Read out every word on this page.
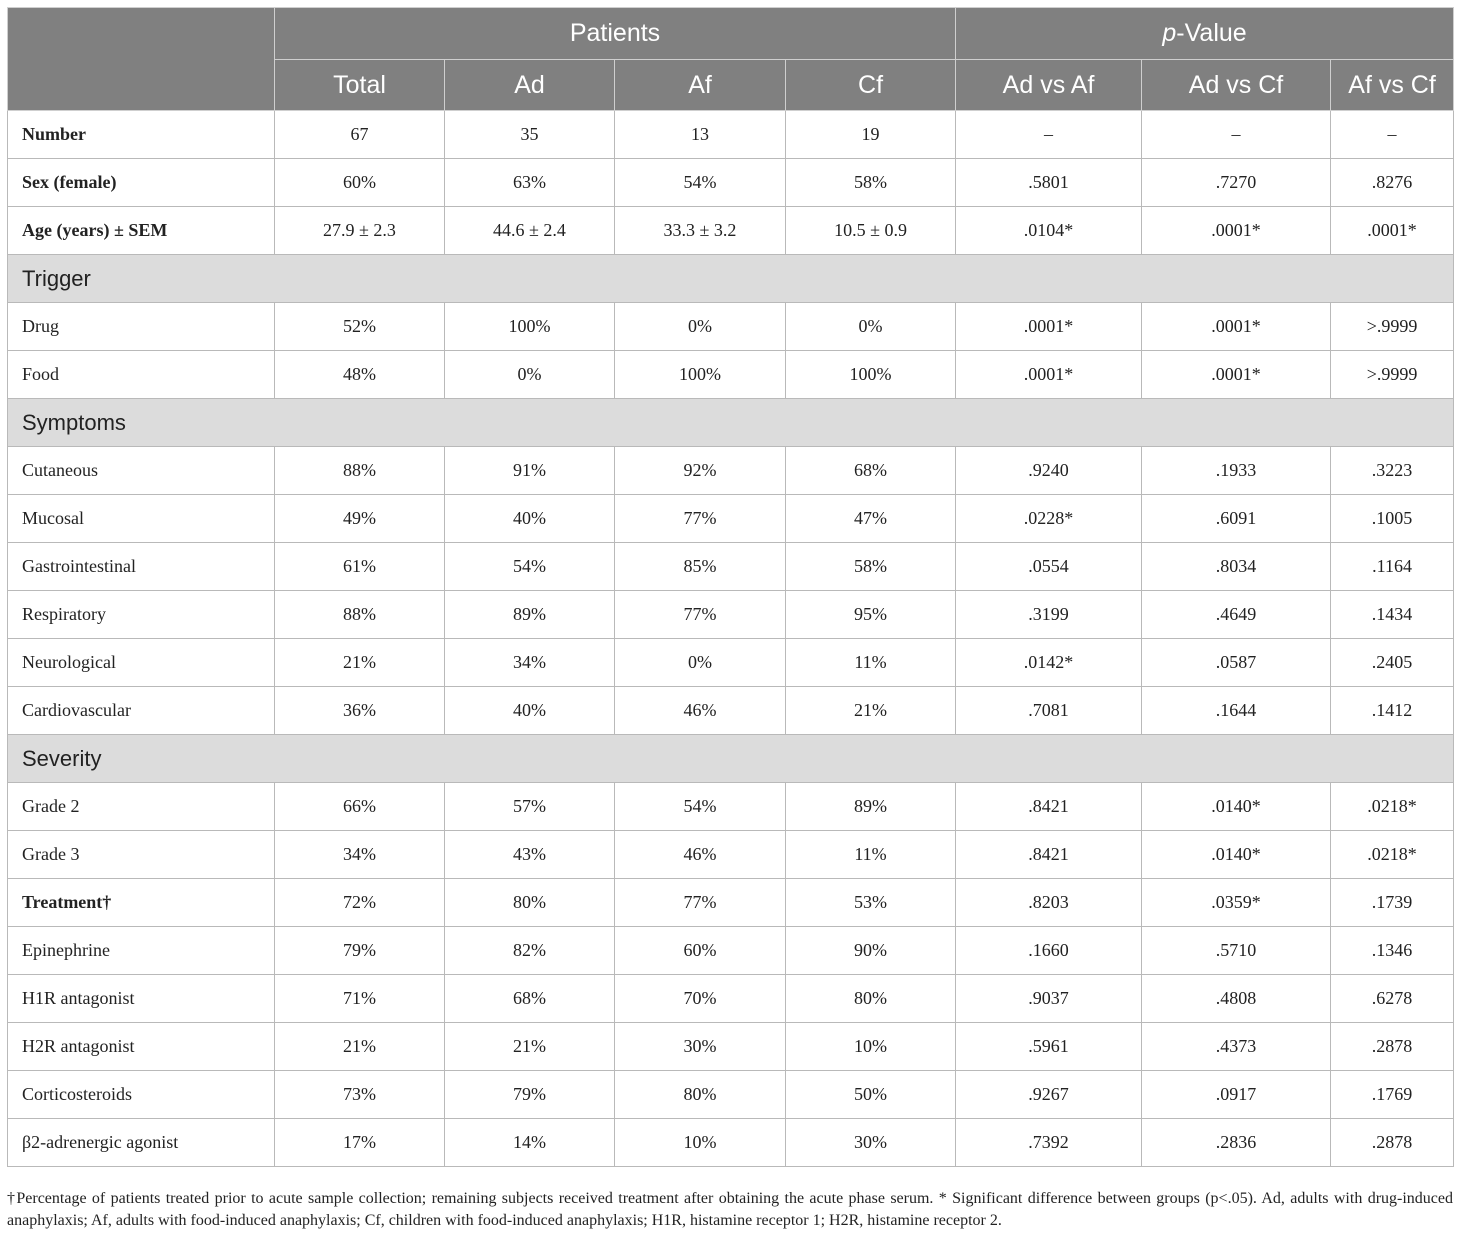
	Patients				p-Value		
	Total	Ad	Af	Cf	Ad vs Af	Ad vs Cf	Af vs Cf
Number	67	35	13	19	–	–	–
Sex (female)	60%	63%	54%	58%	.5801	.7270	.8276
Age (years) ± SEM	27.9 ± 2.3	44.6 ± 2.4	33.3 ± 3.2	10.5 ± 0.9	.0104*	.0001*	.0001*
Trigger							
Drug	52%	100%	0%	0%	.0001*	.0001*	>.9999
Food	48%	0%	100%	100%	.0001*	.0001*	>.9999
Symptoms							
Cutaneous	88%	91%	92%	68%	.9240	.1933	.3223
Mucosal	49%	40%	77%	47%	.0228*	.6091	.1005
Gastrointestinal	61%	54%	85%	58%	.0554	.8034	.1164
Respiratory	88%	89%	77%	95%	.3199	.4649	.1434
Neurological	21%	34%	0%	11%	.0142*	.0587	.2405
Cardiovascular	36%	40%	46%	21%	.7081	.1644	.1412
Severity							
Grade 2	66%	57%	54%	89%	.8421	.0140*	.0218*
Grade 3	34%	43%	46%	11%	.8421	.0140*	.0218*
Treatment†	72%	80%	77%	53%	.8203	.0359*	.1739
Epinephrine	79%	82%	60%	90%	.1660	.5710	.1346
H1R antagonist	71%	68%	70%	80%	.9037	.4808	.6278
H2R antagonist	21%	21%	30%	10%	.5961	.4373	.2878
Corticosteroids	73%	79%	80%	50%	.9267	.0917	.1769
β2-adrenergic agonist	17%	14%	10%	30%	.7392	.2836	.2878
†Percentage of patients treated prior to acute sample collection; remaining subjects received treatment after obtaining the acute phase serum. * Significant difference between groups (p<.05). Ad, adults with drug-induced anaphylaxis; Af, adults with food-induced anaphylaxis; Cf, children with food-induced anaphylaxis; H1R, histamine receptor 1; H2R, histamine receptor 2.
